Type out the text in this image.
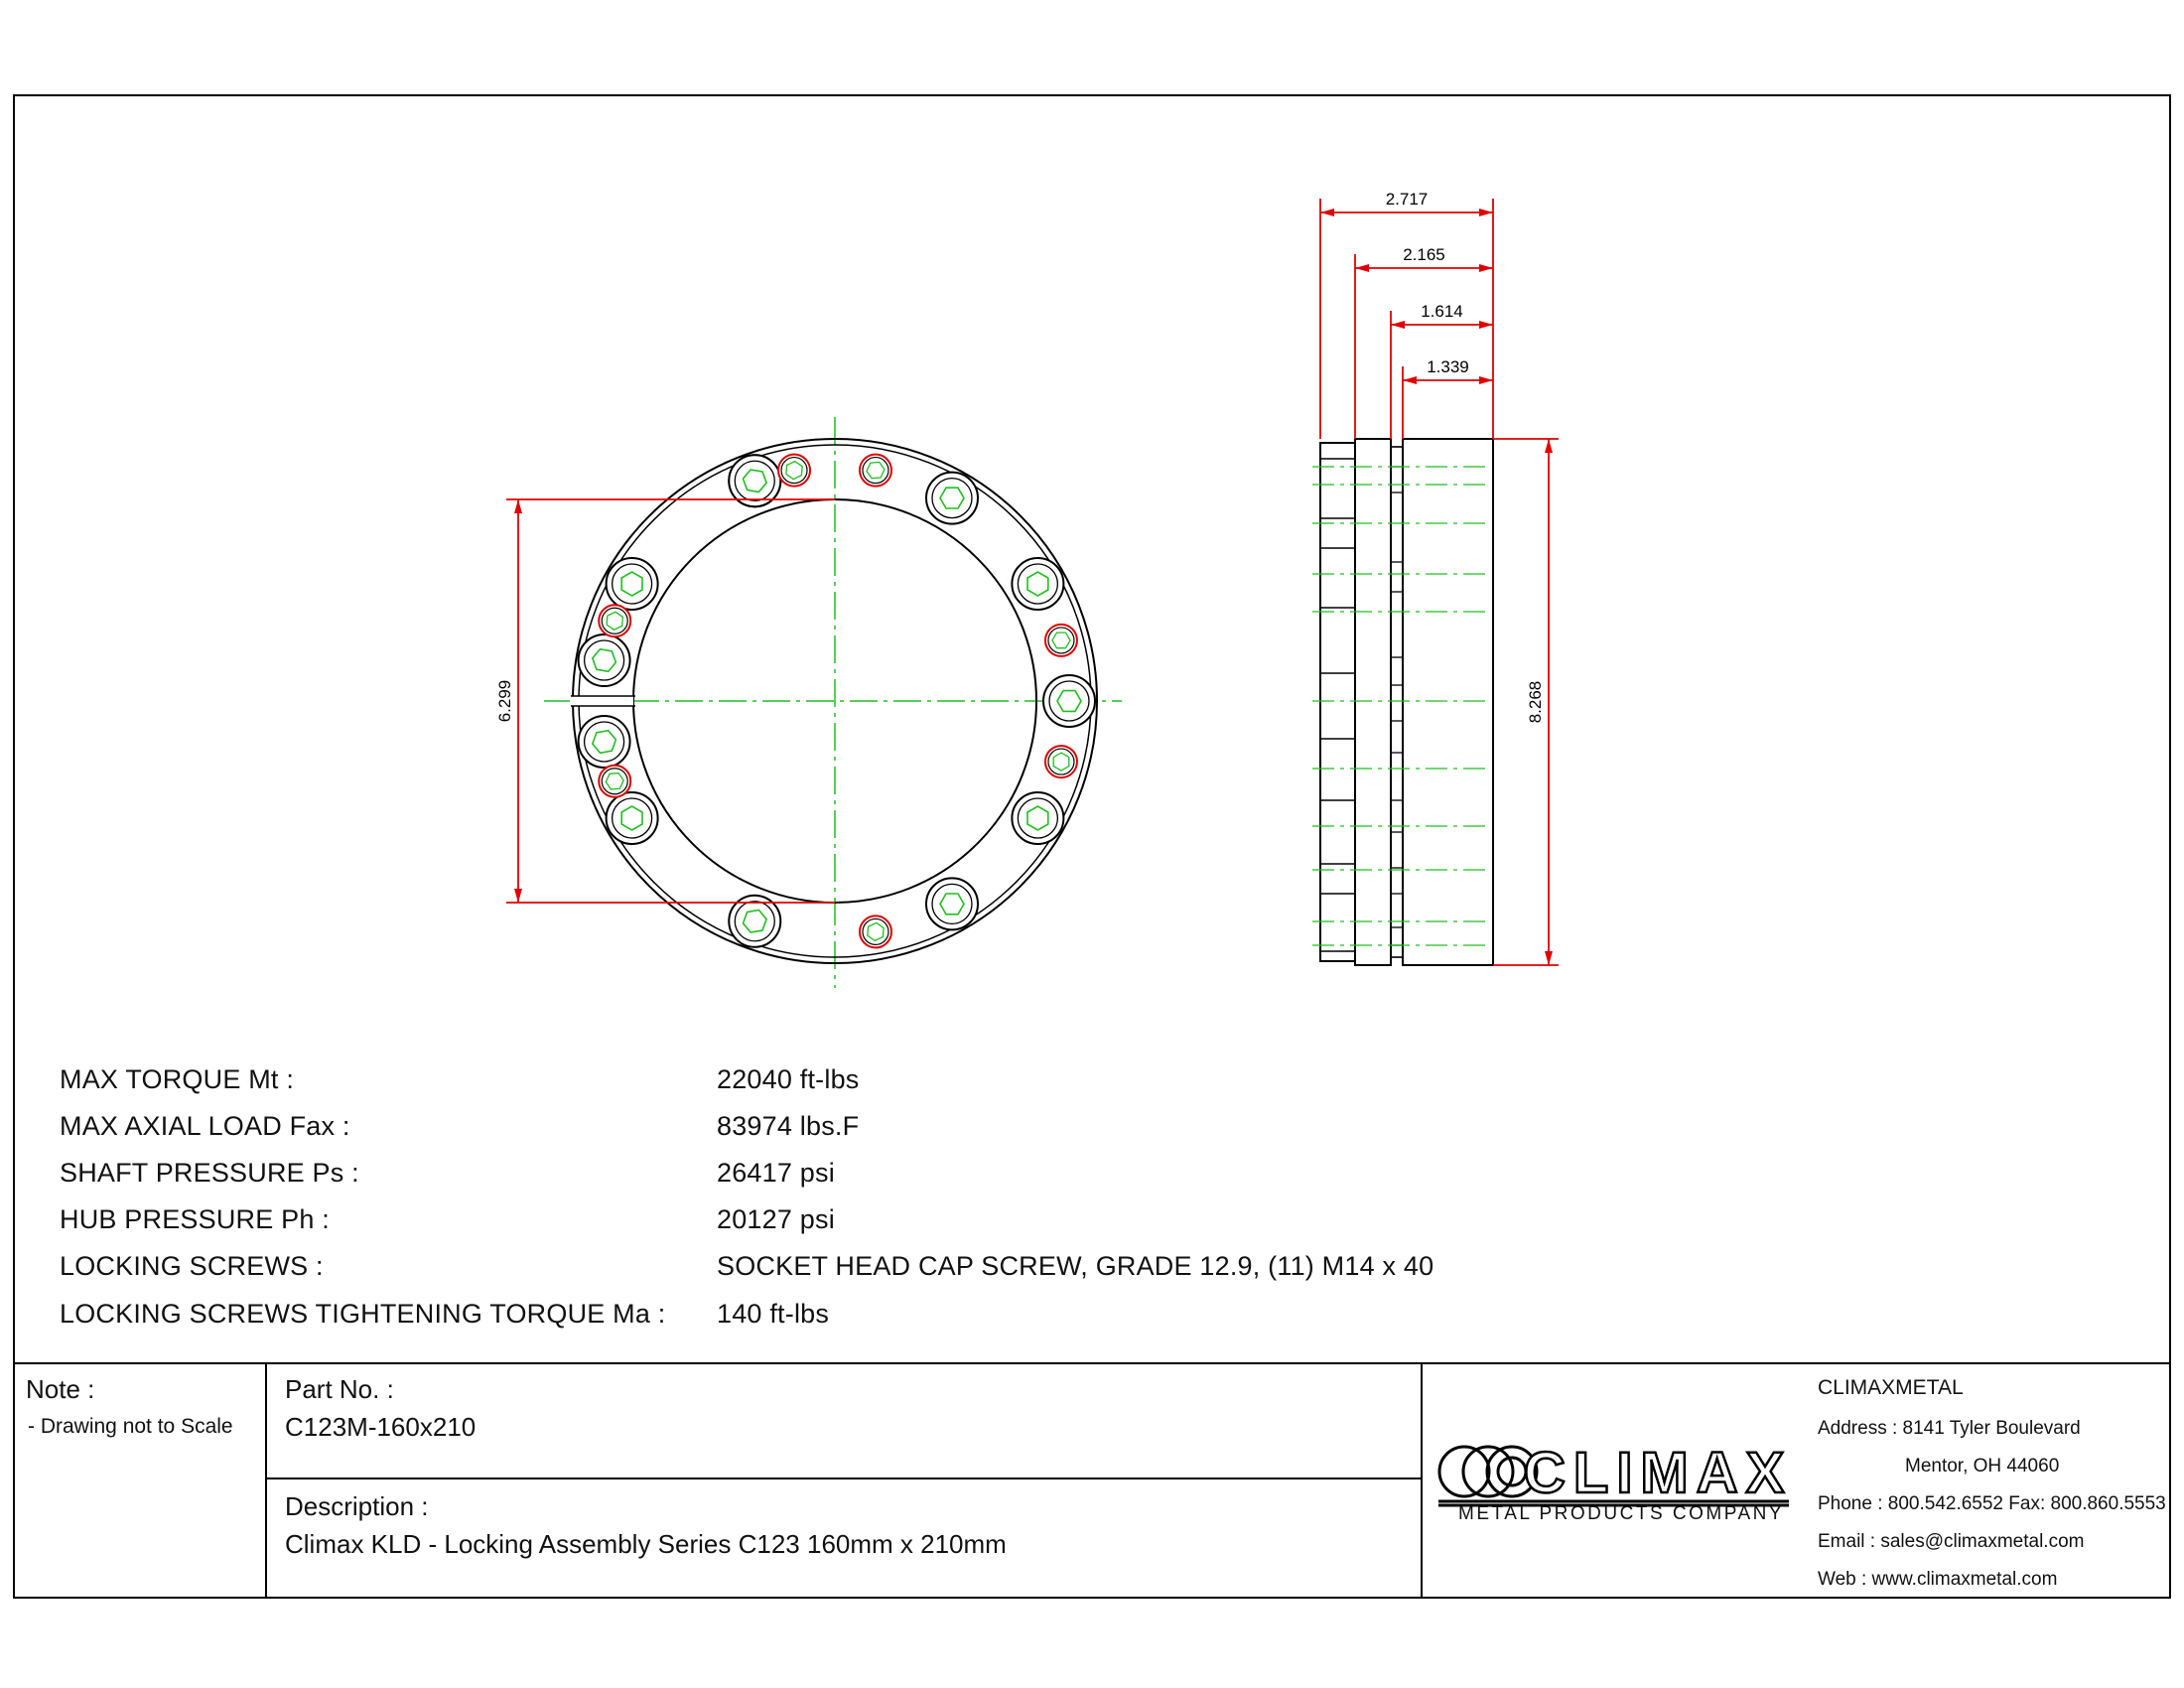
6.299
2.717
2.165
1.614
1.339
8.268
MAX TORQUE Mt :	22040 ft-lbs
MAX AXIAL LOAD Fax :	83974 lbs.F
SHAFT PRESSURE Ps :	26417 psi
HUB PRESSURE Ph :	20127 psi
LOCKING SCREWS :	SOCKET HEAD CAP SCREW, GRADE 12.9, (11) M14 x 40
LOCKING SCREWS TIGHTENING TORQUE Ma : 140 ft-lbs
Note :
- Drawing not to Scale
Part No. :
C123M-160x210
Description :
Climax KLD - Locking Assembly Series C123 160mm x 210mm
CLIMAX
METAL PRODUCTS COMPANY
CLIMAXMETAL
Address : 8141 Tyler Boulevard
Mentor, OH 44060
Phone : 800.542.6552 Fax: 800.860.5553
Email : sales@climaxmetal.com
Web : www.climaxmetal.com
